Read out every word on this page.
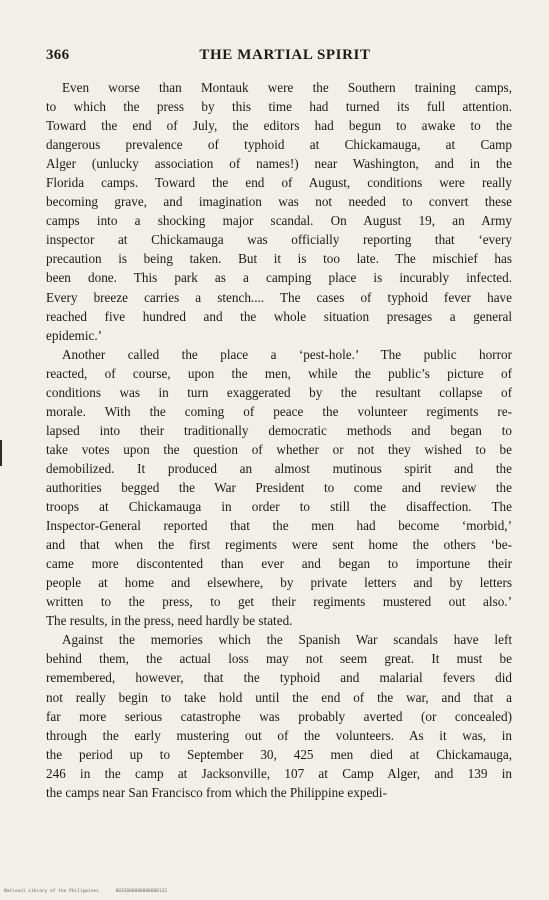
366	THE MARTIAL SPIRIT
Even worse than Montauk were the Southern training camps,
to which the press by this time had turned its full attention.
Toward the end of July, the editors had begun to awake to the
dangerous prevalence of typhoid at Chickamauga, at Camp
Alger (unlucky association of names!) near Washington, and in the
Florida camps. Toward the end of August, conditions were really
becoming grave, and imagination was not needed to convert these
camps into a shocking major scandal. On August 19, an Army
inspector at Chickamauga was officially reporting that ‘every
precaution is being taken. But it is too late. The mischief has
been done. This park as a camping place is incurably infected.
Every breeze carries a stench.... The cases of typhoid fever have
reached five hundred and the whole situation presages a general
epidemic.’
Another called the place a ‘pest-hole.’ The public horror
reacted, of course, upon the men, while the public’s picture of
conditions was in turn exaggerated by the resultant collapse of
morale. With the coming of peace the volunteer regiments re-
lapsed into their traditionally democratic methods and began to
take votes upon the question of whether or not they wished to be
demobilized. It produced an almost mutinous spirit and the
authorities begged the War President to come and review the
troops at Chickamauga in order to still the disaffection. The
Inspector-General reported that the men had become ‘morbid,’
and that when the first regiments were sent home the others ‘be-
came more discontented than ever and began to importune their
people at home and elsewhere, by private letters and by letters
written to the press, to get their regiments mustered out also.’
The results, in the press, need hardly be stated.
Against the memories which the Spanish War scandals have left
behind them, the actual loss may not seem great. It must be
remembered, however, that the typhoid and malarial fevers did
not really begin to take hold until the end of the war, and that a
far more serious catastrophe was probably averted (or concealed)
through the early mustering out of the volunteers. As it was, in
the period up to September 30, 425 men died at Chickamauga,
246 in the camp at Jacksonville, 107 at Camp Alger, and 139 in
the camps near San Francisco from which the Philippine expedi-
National Library of the Philippines	0032000000000000132
